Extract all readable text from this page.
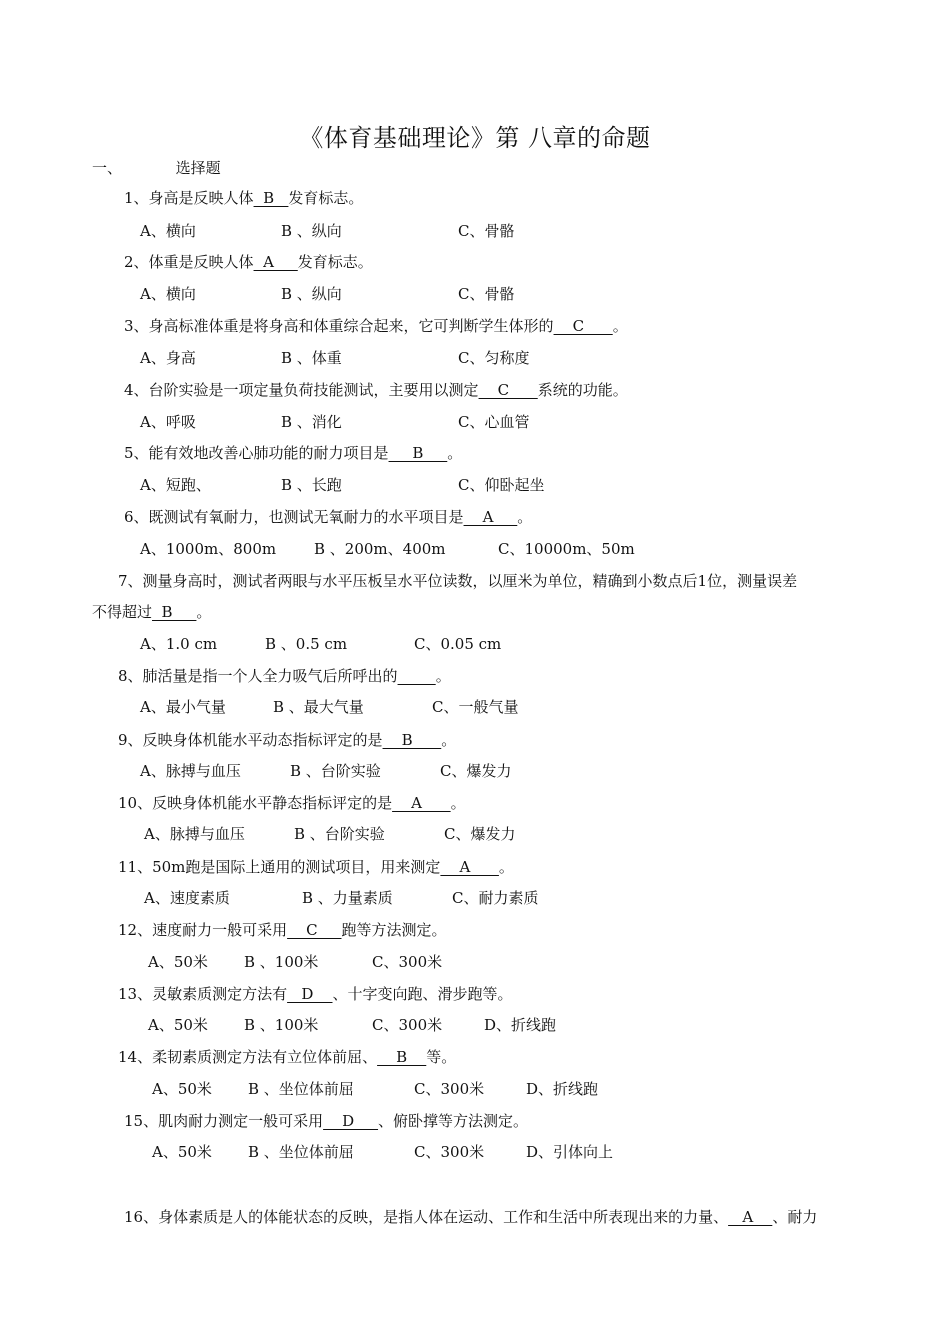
《体育基础理论》第 八章的命题
一、	选择题
1、身高是反映人体  B   发育标志。
A、横向	B 、纵向	C、骨骼
2、体重是反映人体  A     发育标志。
A、横向	B 、纵向	C、骨骼
3、身高标准体重是将身高和体重综合起来，它可判断学生体形的    C      。
A、身高	B 、体重	C、匀称度
4、台阶实验是一项定量负荷技能测试，主要用以测定    C      系统的功能。
A、呼吸	B 、消化	C、心血管
5、能有效地改善心肺功能的耐力项目是     B     。
A、短跑、	B 、长跑	C、仰卧起坐
6、既测试有氧耐力，也测试无氧耐力的水平项目是    A     。
A、1000m、800m	B 、200m、400m	C、10000m、50m
7、测量身高时，测试者两眼与水平压板呈水平位读数，以厘米为单位，精确到小数点后1位，测量误差
不得超过  B     。
A、1.0 cm	B 、0.5 cm	C、0.05 cm
8、肺活量是指一个人全力吸气后所呼出的	。
A、最小气量	B 、最大气量	C、一般气量
9、反映身体机能水平动态指标评定的是    B      。
A、脉搏与血压	B 、台阶实验	C、爆发力
10、反映身体机能水平静态指标评定的是    A      。
A、脉搏与血压	B 、台阶实验	C、爆发力
11、50m跑是国际上通用的测试项目，用来测定    A      。
A、速度素质	B 、力量素质	C、耐力素质
12、速度耐力一般可采用    C     跑等方法测定。
A、50米 B 、100米	C、300米
13、灵敏素质测定方法有   D    、十字变向跑、滑步跑等。
A、50米 B 、100米	C、300米	D、折线跑
14、柔韧素质测定方法有立位体前屈、    B    等。
A、50米 B 、坐位体前屈	C、300米	D、折线跑
15、肌肉耐力测定一般可采用    D     、俯卧撑等方法测定。
A、50米 B 、坐位体前屈	C、300米	D、引体向上
16、身体素质是人的体能状态的反映，是指人体在运动、工作和生活中所表现出来的力量、   A    、耐力
